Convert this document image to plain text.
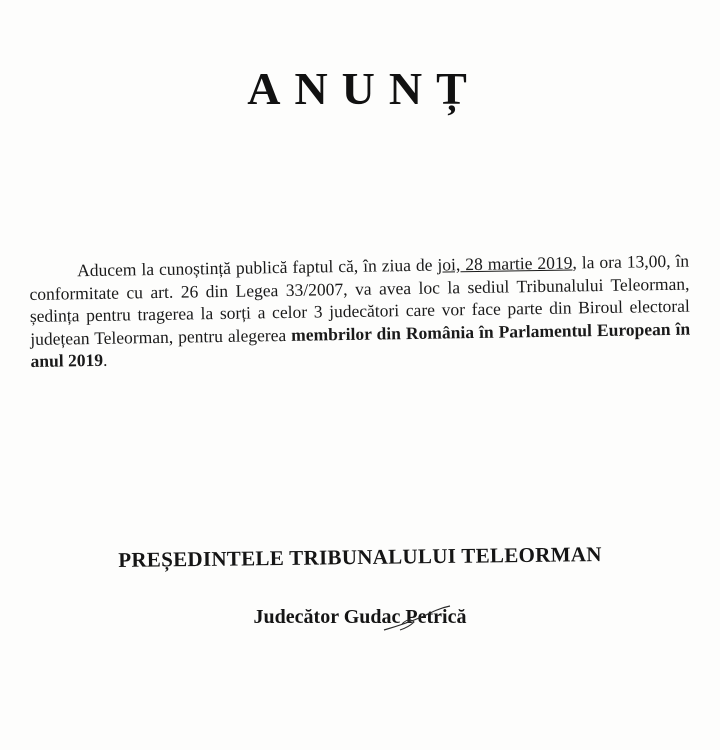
ANUNȚ
Aducem la cunoștință publică faptul că, în ziua de joi, 28 martie 2019, la ora 13,00, în conformitate cu art. 26 din Legea 33/2007, va avea loc la sediul Tribunalului Teleorman, ședința pentru tragerea la sorți a celor 3 judecători care vor face parte din Biroul electoral județean Teleorman, pentru alegerea membrilor din România în Parlamentul European în anul 2019.
PREȘEDINTELE TRIBUNALULUI TELEORMAN
Judecător Gudac Petrică
